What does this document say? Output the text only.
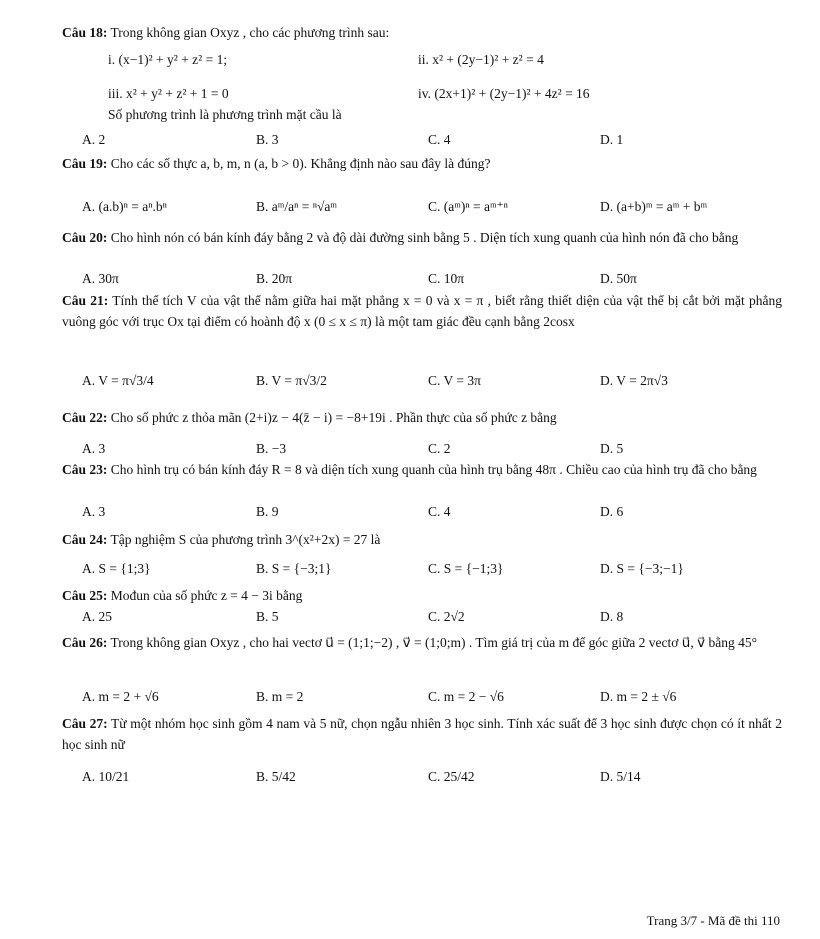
Câu 18: Trong không gian Oxyz , cho các phương trình sau:
i. (x−1)² + y² + z² = 1;	ii. x² + (2y−1)² + z² = 4
iii. x² + y² + z² + 1 = 0	iv. (2x+1)² + (2y−1)² + 4z² = 16
Số phương trình là phương trình mặt cầu là
A. 2	B. 3	C. 4	D. 1
Câu 19: Cho các số thực a, b, m, n (a, b > 0). Khẳng định nào sau đây là đúng?
A. (a.b)ⁿ = aⁿ.bⁿ	B. aᵐ/aⁿ = ⁿ√aᵐ	C. (aᵐ)ⁿ = aᵐ⁺ⁿ	D. (a+b)ᵐ = aᵐ + bᵐ
Câu 20: Cho hình nón có bán kính đáy bằng 2 và độ dài đường sinh bằng 5 . Diện tích xung quanh của hình nón đã cho bằng
A. 30π	B. 20π	C. 10π	D. 50π
Câu 21: Tính thể tích V của vật thể nằm giữa hai mặt phẳng x = 0 và x = π , biết rằng thiết diện của vật thể bị cắt bởi mặt phẳng vuông góc với trục Ox tại điểm có hoành độ x (0 ≤ x ≤ π) là một tam giác đều cạnh bằng 2cosx
A. V = π√3/4	B. V = π√3/2	C. V = 3π	D. V = 2π√3
Câu 22: Cho số phức z thỏa mãn (2+i)z − 4(z̄ − i) = −8+19i . Phần thực của số phức z bằng
A. 3	B. −3	C. 2	D. 5
Câu 23: Cho hình trụ có bán kính đáy R = 8 và diện tích xung quanh của hình trụ bằng 48π . Chiều cao của hình trụ đã cho bằng
A. 3	B. 9	C. 4	D. 6
Câu 24: Tập nghiệm S của phương trình 3^(x²+2x) = 27 là
A. S = {1;3}	B. S = {−3;1}	C. S = {−1;3}	D. S = {−3;−1}
Câu 25: Mođun của số phức z = 4 − 3i bằng
A. 25	B. 5	C. 2√2	D. 8
Câu 26: Trong không gian Oxyz , cho hai vectơ u⃗ = (1;1;−2) , v⃗ = (1;0;m) . Tìm giá trị của m để góc giữa 2 vectơ u⃗, v⃗ bằng 45°
A. m = 2 + √6	B. m = 2	C. m = 2 − √6	D. m = 2 ± √6
Câu 27: Từ một nhóm học sinh gồm 4 nam và 5 nữ, chọn ngẫu nhiên 3 học sinh. Tính xác suất để 3 học sinh được chọn có ít nhất 2 học sinh nữ
A. 10/21	B. 5/42	C. 25/42	D. 5/14
Trang 3/7 - Mã đề thi 110
